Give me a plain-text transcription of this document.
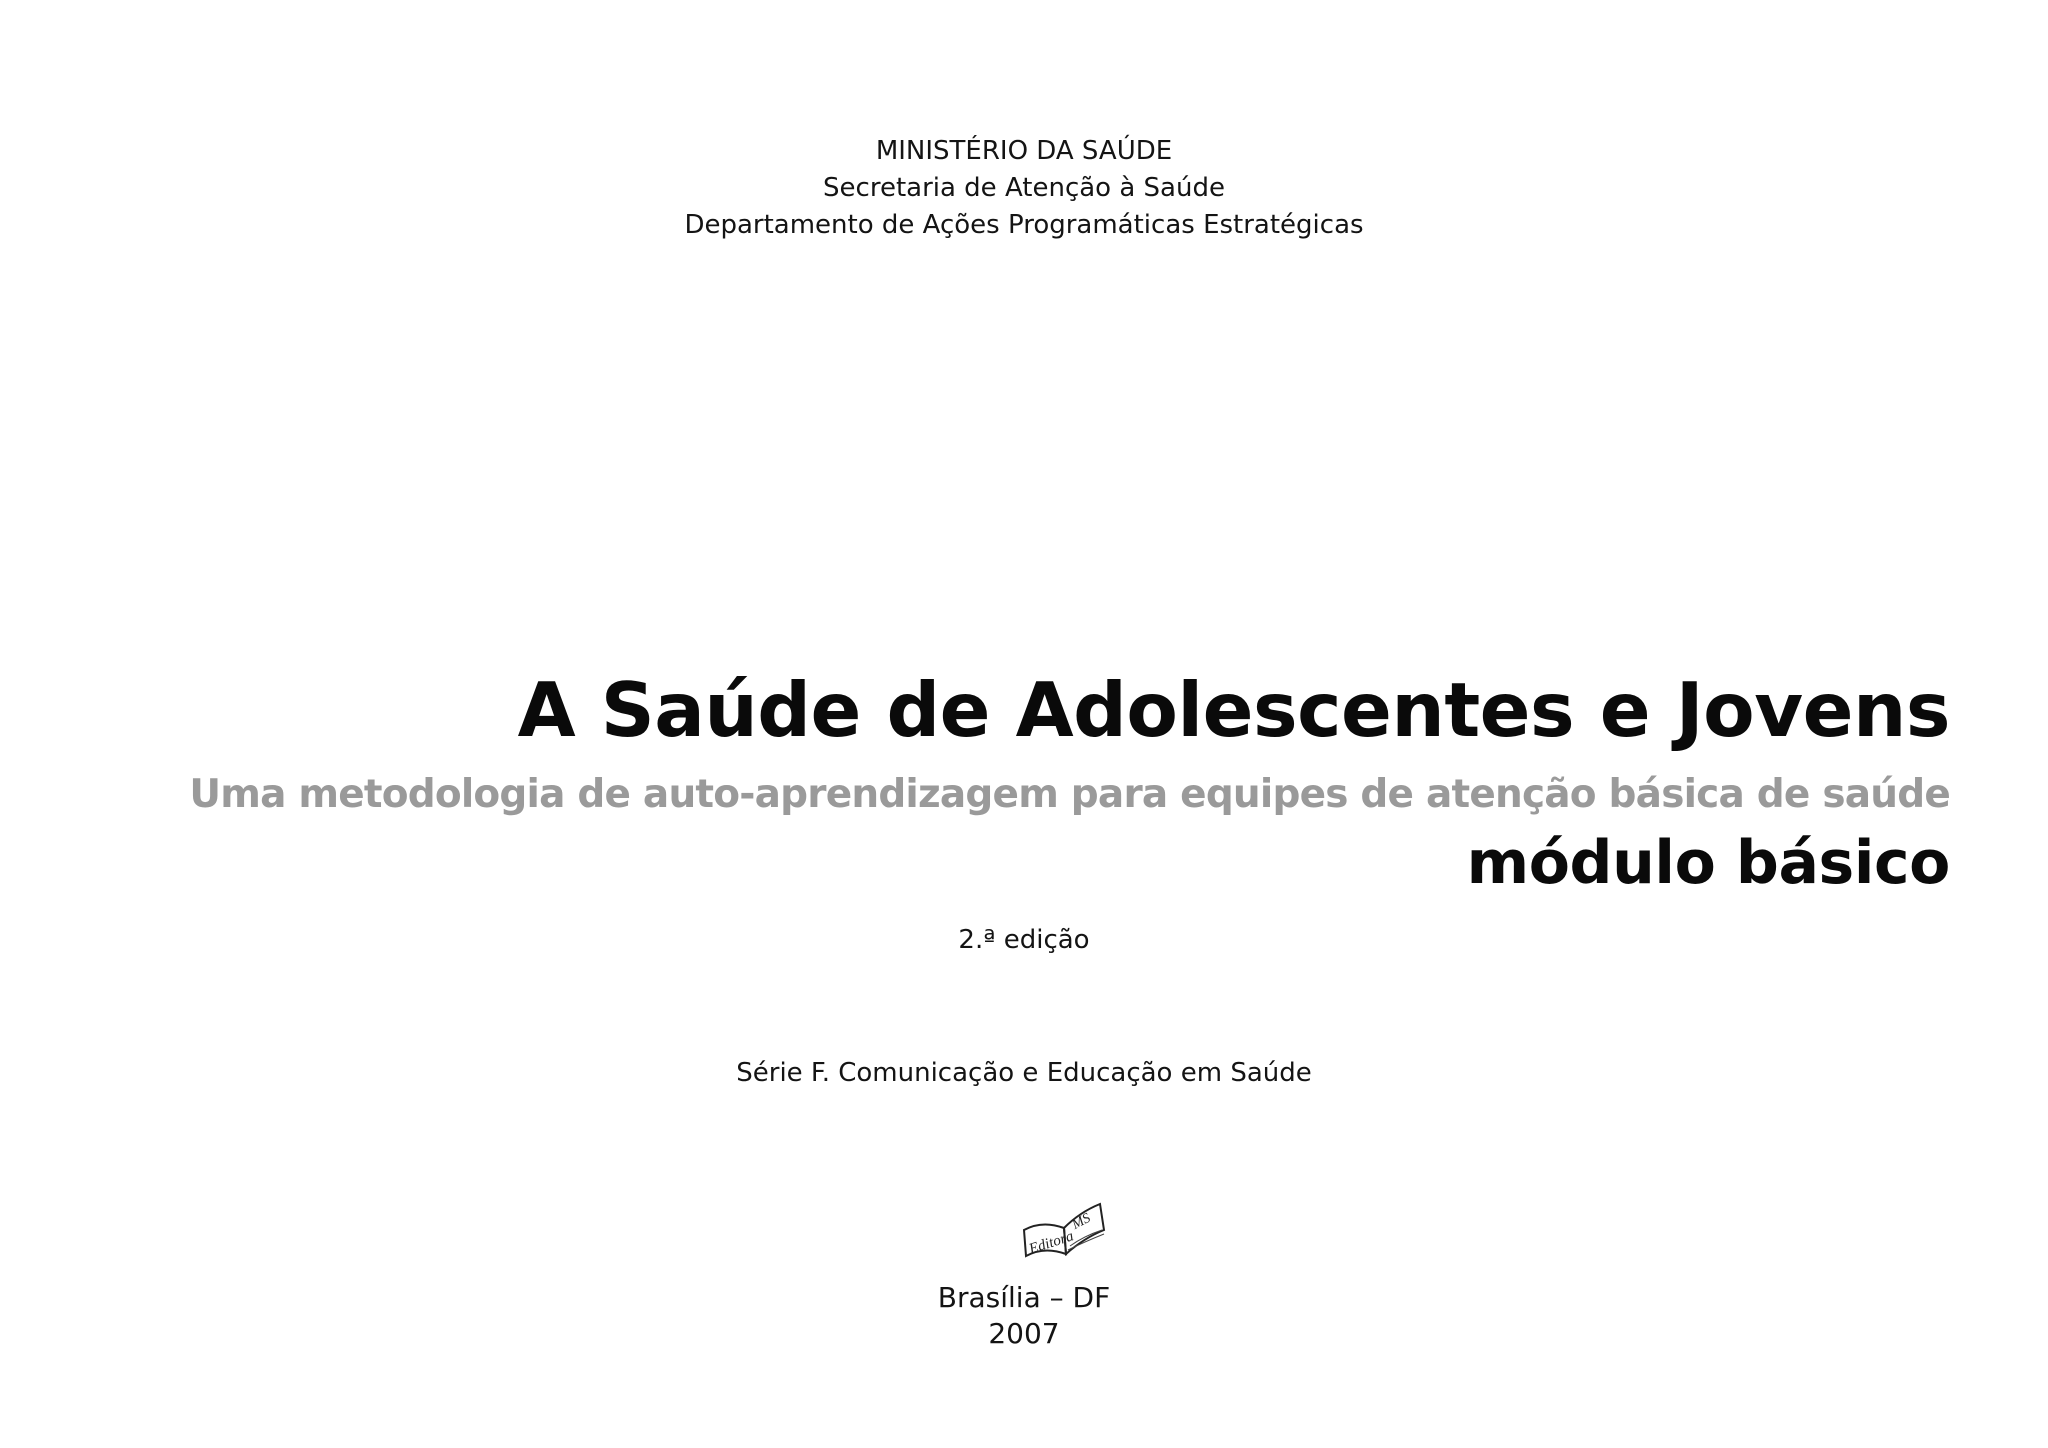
MINISTÉRIO DA SAÚDE
Secretaria de Atenção à Saúde
Departamento de Ações Programáticas Estratégicas
A Saúde de Adolescentes e Jovens
Uma metodologia de auto-aprendizagem para equipes de atenção básica de saúde
módulo básico
2.ª edição
Série F. Comunicação e Educação em Saúde
Editora
MS
Brasília – DF
2007
